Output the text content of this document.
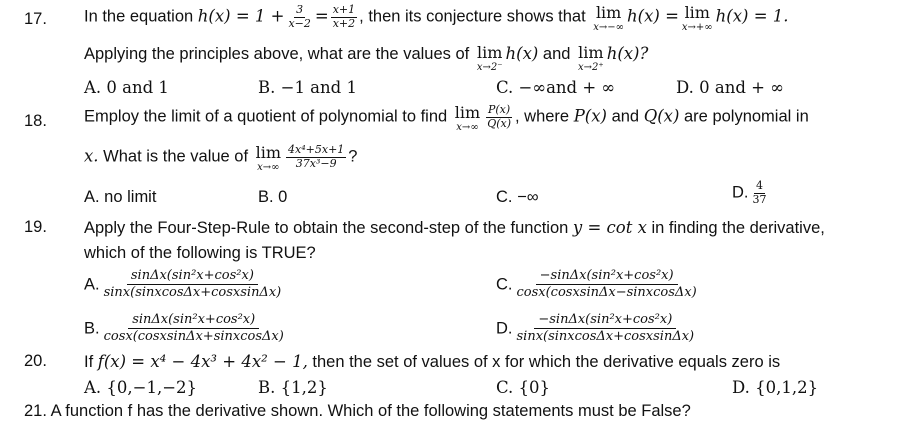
17. In the equation $h(x) = 1 + \frac{3}{x-2} = \frac{x+1}{x+2}$ , then its conjecture shows that lim
x→−∞
h(x) = lim
x→+∞
h(x) = 1.
Applying the principles above, what are the values of lim
x→2⁻
h(x) and lim
x→2⁺
h(x)?
A. 0 and 1	B. −1 and 1	C. −∞and + ∞	D. 0 and + ∞
18. Employ the limit of a quotient of polynomial to find lim
$x\to\infty \frac{P(x)}{Q(x)}$ , where P(x) and Q(x) are polynomial in
x. What is the value of lim
$x\to\infty \frac{\text{4x⁴+5x+1}}{\text{37x³−9}}$ ?
A. no limit	B. 0	C. −∞	D. $\frac{4}{37}$
19. Apply the Four-Step-Rule to obtain the second-step of the function y = cot x in finding the derivative,
which of the following is TRUE?
A. $\frac{\text{sinΔx(sin²x+cos²x)}}{\text{sinx(sinxcosΔx+cosxsinΔx)}}$
B. $\frac{\text{sinΔx(sin²x+cos²x)}}{\text{cosx(cosxsinΔx+sinxcosΔx)}}$
C. $\frac{\text{−sinΔx(sin²x+cos²x)}}{\text{cosx(cosxsinΔx−sinxcosΔx)}}$
D. $\frac{\text{−sinΔx(sin²x+cos²x)}}{\text{sinx(sinxcosΔx+cosxsinΔx)}}$
20. If f(x) = x⁴ − 4x³ + 4x² − 1, then the set of values of x for which the derivative equals zero is
A. {0,−1,−2}	B. {1,2}	C. {0}	D. {0,1,2}
21. A function f has the derivative shown. Which of the following statements must be False?
